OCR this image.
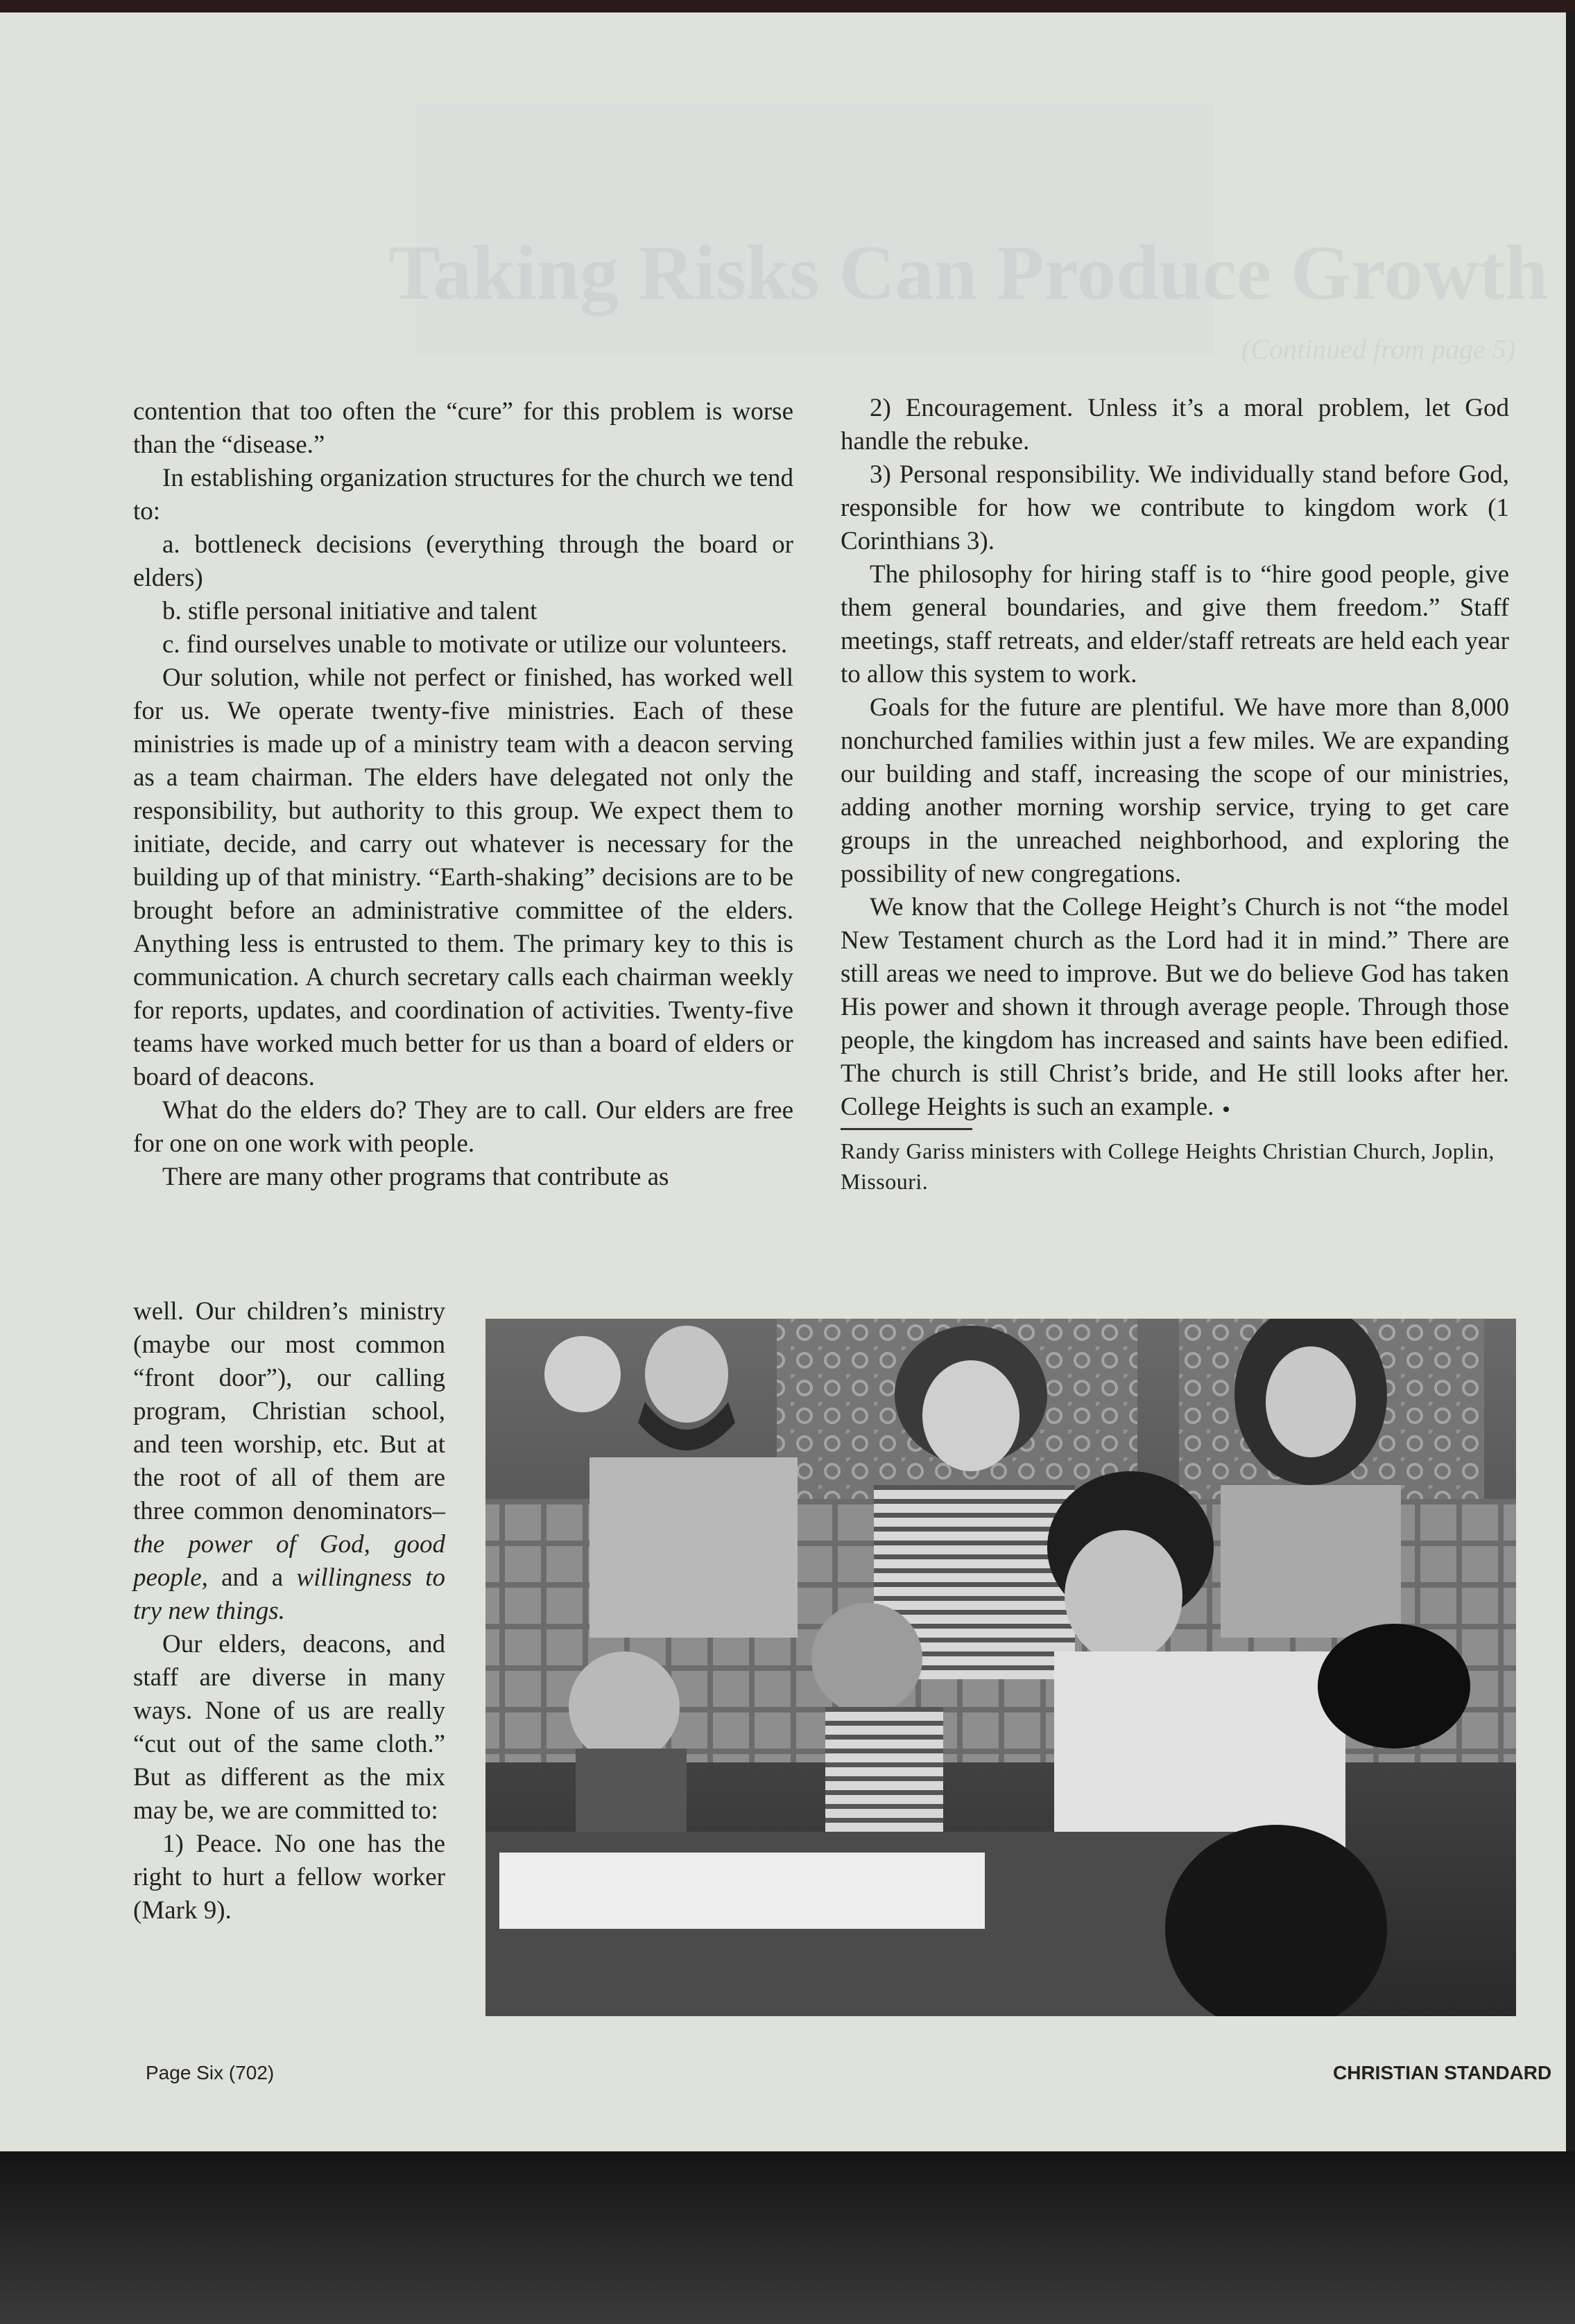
Taking Risks Can Produce Growth
(Continued from page 5)

contention that too often the “cure” for this problem is worse than the “disease.”

In establishing organization structures for the church we tend to:

a. bottleneck decisions (everything through the board or elders)

b. stifle personal initiative and talent

c. find ourselves unable to motivate or utilize our volunteers.

Our solution, while not perfect or finished, has worked well for us. We operate twenty-five ministries. Each of these ministries is made up of a ministry team with a deacon serving as a team chairman. The elders have delegated not only the responsibility, but authority to this group. We expect them to initiate, decide, and carry out whatever is necessary for the building up of that ministry. “Earth-shaking” decisions are to be brought before an administrative committee of the elders. Anything less is entrusted to them. The primary key to this is communication. A church secretary calls each chairman weekly for reports, updates, and coordination of activities. Twenty-five teams have worked much better for us than a board of elders or board of deacons.

What do the elders do? They are to call. Our elders are free for one on one work with people.

There are many other programs that contribute as

well. Our children’s ministry (maybe our most common “front door”), our calling program, Christian school, and teen worship, etc. But at the root of all of them are three common denominators–the power of God, good people, and a willingness to try new things.

Our elders, deacons, and staff are diverse in many ways. None of us are really “cut out of the same cloth.” But as different as the mix may be, we are committed to:

1) Peace. No one has the right to hurt a fellow worker (Mark 9).

2) Encouragement. Unless it’s a moral problem, let God handle the rebuke.

3) Personal responsibility. We individually stand before God, responsible for how we contribute to kingdom work (1 Corinthians 3).

The philosophy for hiring staff is to “hire good people, give them general boundaries, and give them freedom.” Staff meetings, staff retreats, and elder/staff retreats are held each year to allow this system to work.

Goals for the future are plentiful. We have more than 8,000 nonchurched families within just a few miles. We are expanding our building and staff, increasing the scope of our ministries, adding another morning worship service, trying to get care groups in the unreached neighborhood, and exploring the possibility of new congregations.

We know that the College Height’s Church is not “the model New Testament church as the Lord had it in mind.” There are still areas we need to improve. But we do believe God has taken His power and shown it through average people. Through those people, the kingdom has increased and saints have been edified. The church is still Christ’s bride, and He still looks after her. College Heights is such an example.

Randy Gariss ministers with College Heights Christian Church, Joplin, Missouri.

Page Six (702)	CHRISTIAN STANDARD
